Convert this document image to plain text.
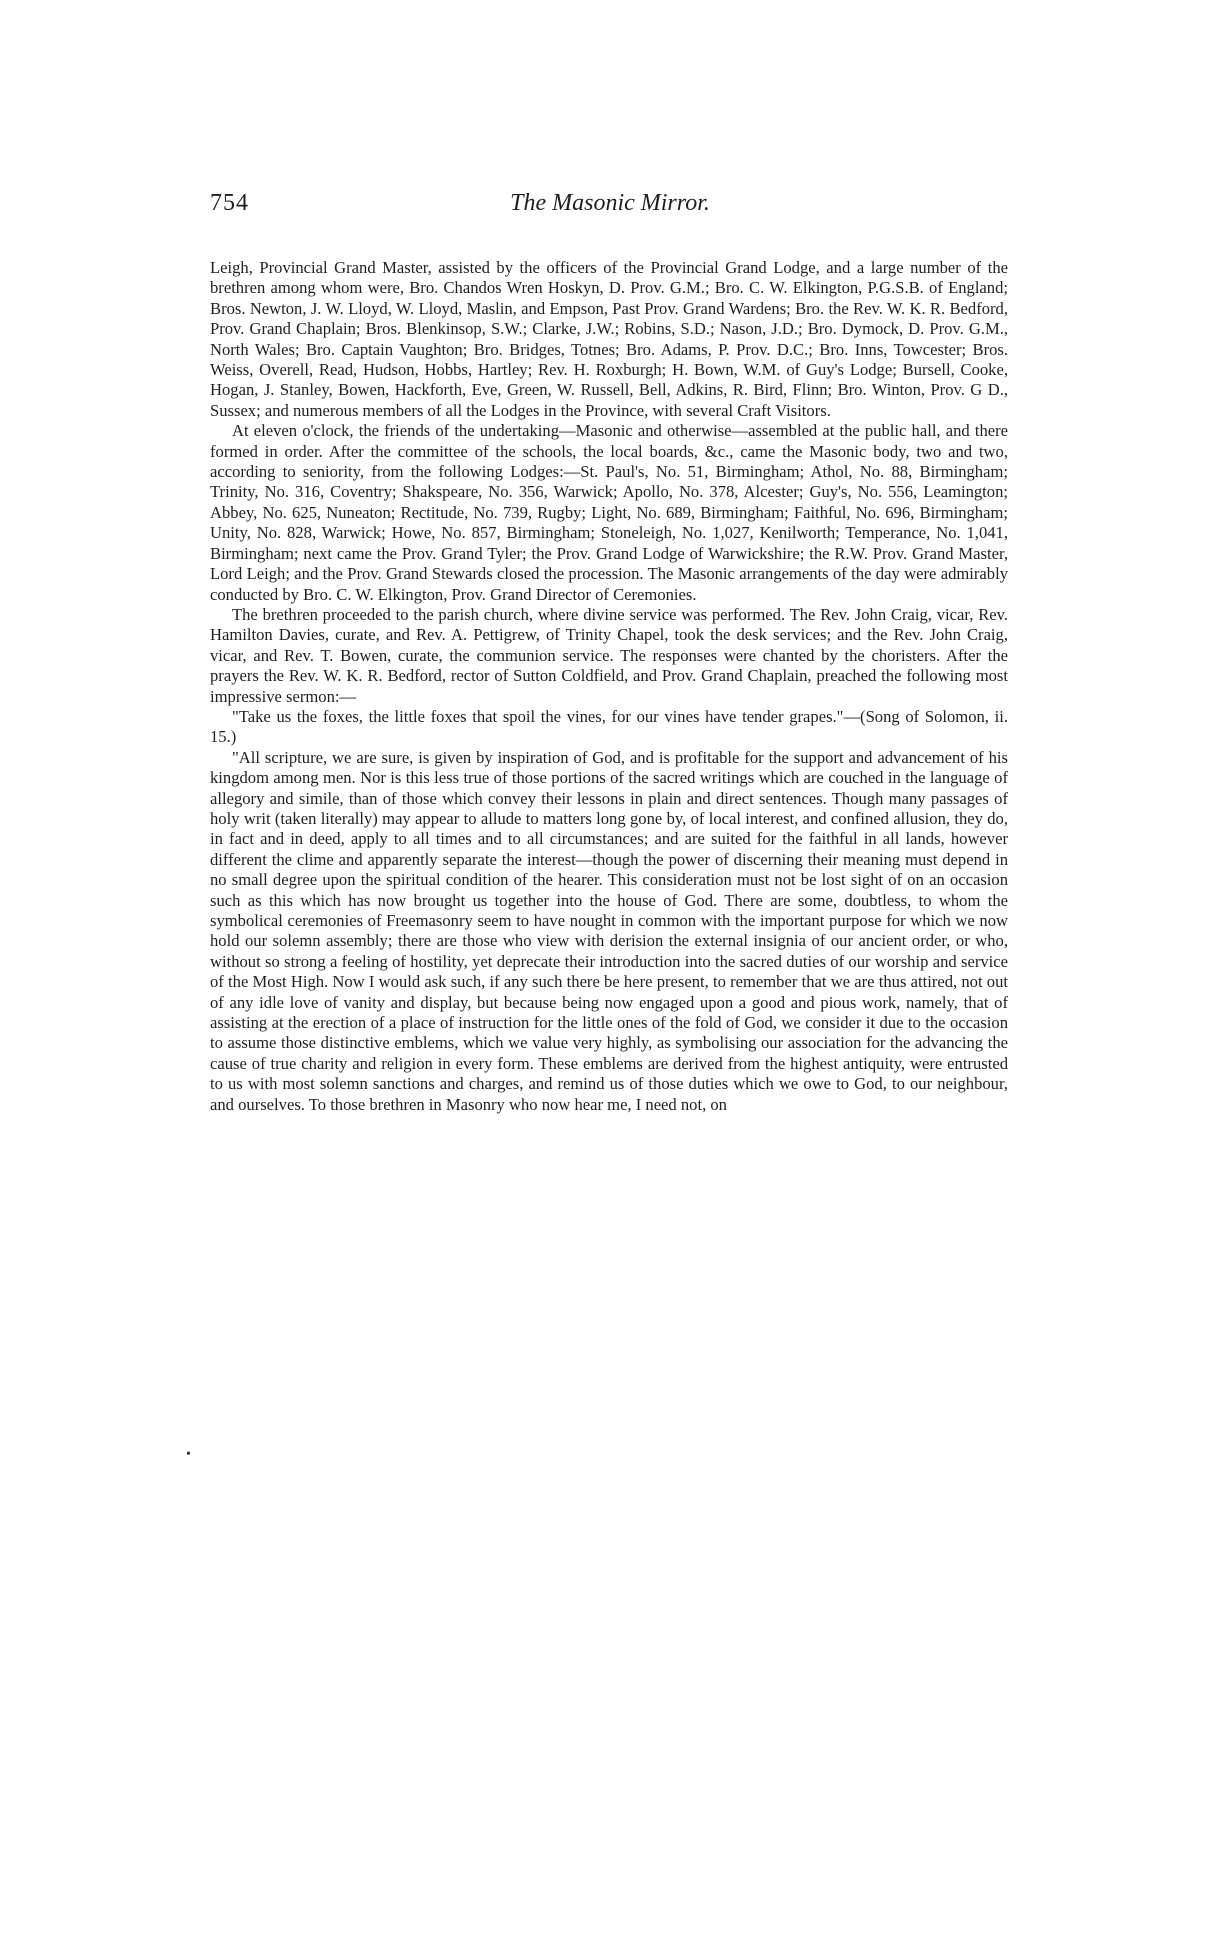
754	The Masonic Mirror.

Leigh, Provincial Grand Master, assisted by the officers of the Provincial Grand Lodge, and a large number of the brethren among whom were, Bro. Chandos Wren Hoskyn, D. Prov. G.M.; Bro. C. W. Elkington, P.G.S.B. of England; Bros. Newton, J. W. Lloyd, W. Lloyd, Maslin, and Empson, Past Prov. Grand Wardens; Bro. the Rev. W. K. R. Bedford, Prov. Grand Chaplain; Bros. Blenkinsop, S.W.; Clarke, J.W.; Robins, S.D.; Nason, J.D.; Bro. Dymock, D. Prov. G.M., North Wales; Bro. Captain Vaughton; Bro. Bridges, Totnes; Bro. Adams, P. Prov. D.C.; Bro. Inns, Towcester; Bros. Weiss, Overell, Read, Hudson, Hobbs, Hartley; Rev. H. Roxburgh; H. Bown, W.M. of Guy's Lodge; Bursell, Cooke, Hogan, J. Stanley, Bowen, Hackforth, Eve, Green, W. Russell, Bell, Adkins, R. Bird, Flinn; Bro. Winton, Prov. G D., Sussex; and numerous members of all the Lodges in the Province, with several Craft Visitors.

At eleven o'clock, the friends of the undertaking—Masonic and otherwise—assembled at the public hall, and there formed in order. After the committee of the schools, the local boards, &c., came the Masonic body, two and two, according to seniority, from the following Lodges:—St. Paul's, No. 51, Birmingham; Athol, No. 88, Birmingham; Trinity, No. 316, Coventry; Shakspeare, No. 356, Warwick; Apollo, No. 378, Alcester; Guy's, No. 556, Leamington; Abbey, No. 625, Nuneaton; Rectitude, No. 739, Rugby; Light, No. 689, Birmingham; Faithful, No. 696, Birmingham; Unity, No. 828, Warwick; Howe, No. 857, Birmingham; Stoneleigh, No. 1,027, Kenilworth; Temperance, No. 1,041, Birmingham; next came the Prov. Grand Tyler; the Prov. Grand Lodge of Warwickshire; the R.W. Prov. Grand Master, Lord Leigh; and the Prov. Grand Stewards closed the procession. The Masonic arrangements of the day were admirably conducted by Bro. C. W. Elkington, Prov. Grand Director of Ceremonies.

The brethren proceeded to the parish church, where divine service was performed. The Rev. John Craig, vicar, Rev. Hamilton Davies, curate, and Rev. A. Pettigrew, of Trinity Chapel, took the desk services; and the Rev. John Craig, vicar, and Rev. T. Bowen, curate, the communion service. The responses were chanted by the choristers. After the prayers the Rev. W. K. R. Bedford, rector of Sutton Coldfield, and Prov. Grand Chaplain, preached the following most impressive sermon:—

"Take us the foxes, the little foxes that spoil the vines, for our vines have tender grapes."—(Song of Solomon, ii. 15.)

"All scripture, we are sure, is given by inspiration of God, and is profitable for the support and advancement of his kingdom among men. Nor is this less true of those portions of the sacred writings which are couched in the language of allegory and simile, than of those which convey their lessons in plain and direct sentences. Though many passages of holy writ (taken literally) may appear to allude to matters long gone by, of local interest, and confined allusion, they do, in fact and in deed, apply to all times and to all circumstances; and are suited for the faithful in all lands, however different the clime and apparently separate the interest—though the power of discerning their meaning must depend in no small degree upon the spiritual condition of the hearer. This consideration must not be lost sight of on an occasion such as this which has now brought us together into the house of God. There are some, doubtless, to whom the symbolical ceremonies of Freemasonry seem to have nought in common with the important purpose for which we now hold our solemn assembly; there are those who view with derision the external insignia of our ancient order, or who, without so strong a feeling of hostility, yet deprecate their introduction into the sacred duties of our worship and service of the Most High. Now I would ask such, if any such there be here present, to remember that we are thus attired, not out of any idle love of vanity and display, but because being now engaged upon a good and pious work, namely, that of assisting at the erection of a place of instruction for the little ones of the fold of God, we consider it due to the occasion to assume those distinctive emblems, which we value very highly, as symbolising our association for the advancing the cause of true charity and religion in every form. These emblems are derived from the highest antiquity, were entrusted to us with most solemn sanctions and charges, and remind us of those duties which we owe to God, to our neighbour, and ourselves. To those brethren in Masonry who now hear me, I need not, on

•
